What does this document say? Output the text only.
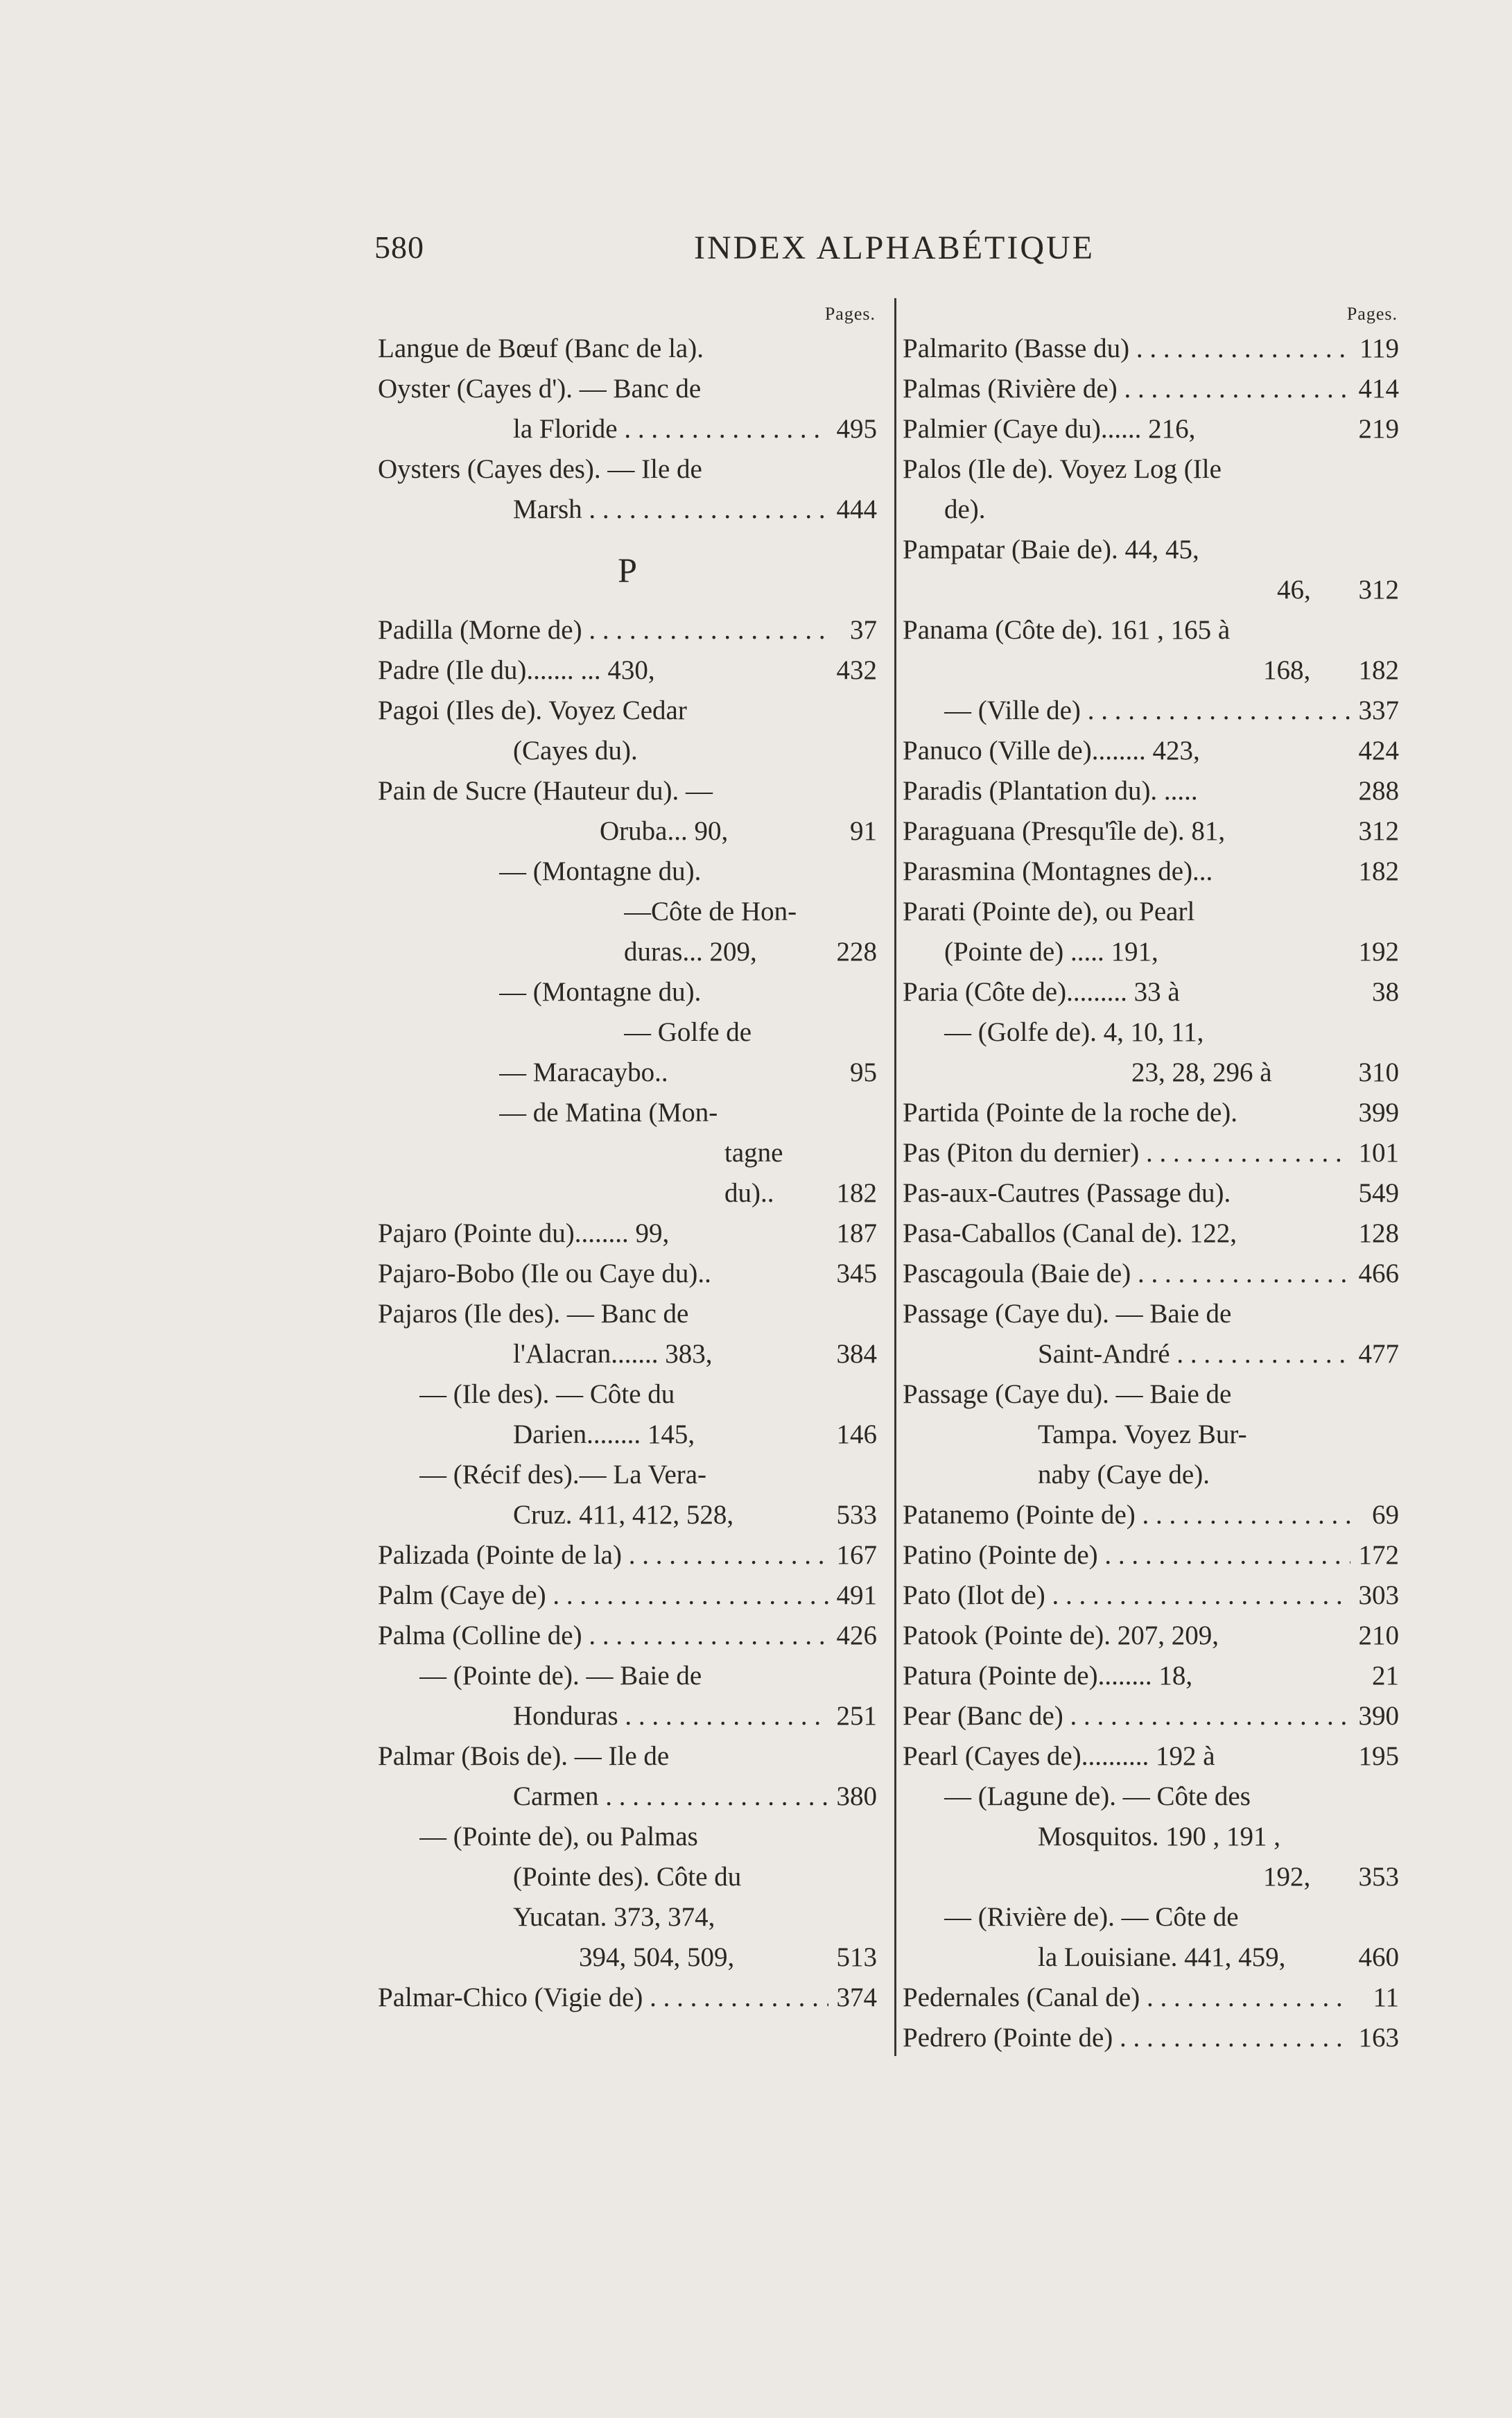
580	INDEX ALPHABÉTIQUE
Pages.
Langue de Bœuf (Banc de la).
Oyster (Cayes d'). — Banc de
la Floride . . .	495
Oysters (Cayes des). — Ile de
Marsh . . .	444
P
Padilla (Morne de) . . .	37
Padre (Ile du)....... ... 430,	432
Pagoi (Iles de). Voyez Cedar
(Cayes du).
Pain de Sucre (Hauteur du). —
Oruba... 90,	91
— (Montagne du).
—Côte de Hon-
duras... 209,	228
— (Montagne du).
— Golfe de
— Maracaybo..	95
— de Matina (Mon-
tagne
du)..	182
Pajaro (Pointe du)........ 99,	187
Pajaro-Bobo (Ile ou Caye du)..	345
Pajaros (Ile des). — Banc de
l'Alacran....... 383,	384
— (Ile des). — Côte du
Darien........ 145,	146
— (Récif des).— La Vera-
Cruz. 411, 412, 528,	533
Palizada (Pointe de la) . . .	167
Palm (Caye de) . . .	491
Palma (Colline de) . . .	426
— (Pointe de). — Baie de
Honduras . . .	251
Palmar (Bois de). — Ile de
Carmen . . .	380
— (Pointe de), ou Palmas
(Pointe des). Côte du
Yucatan. 373, 374,
394, 504, 509,	513
Palmar-Chico (Vigie de) . . .	374
Pages.
Palmarito (Basse du) . . .	119
Palmas (Rivière de) . . .	414
Palmier (Caye du)...... 216,	219
Palos (Ile de). Voyez Log (Ile
de).
Pampatar (Baie de). 44, 45,
46,	312
Panama (Côte de). 161 , 165 à
168,	182
— (Ville de) . . .	337
Panuco (Ville de)........ 423,	424
Paradis (Plantation du). .....	288
Paraguana (Presqu'île de). 81,	312
Parasmina (Montagnes de)...	182
Parati (Pointe de), ou Pearl
(Pointe de) ..... 191,	192
Paria (Côte de)......... 33 à	38
— (Golfe de). 4, 10, 11,
23, 28, 296 à	310
Partida (Pointe de la roche de).	399
Pas (Piton du dernier) . . .	101
Pas-aux-Cautres (Passage du).	549
Pasa-Caballos (Canal de). 122,	128
Pascagoula (Baie de) . . .	466
Passage (Caye du). — Baie de
Saint-André . . .	477
Passage (Caye du). — Baie de
Tampa. Voyez Bur-
naby (Caye de).
Patanemo (Pointe de) . . .	69
Patino (Pointe de) . . .	172
Pato (Ilot de) . . .	303
Patook (Pointe de). 207, 209,	210
Patura (Pointe de)........ 18,	21
Pear (Banc de) . . .	390
Pearl (Cayes de).......... 192 à	195
— (Lagune de). — Côte des
Mosquitos. 190 , 191 ,
192,	353
— (Rivière de). — Côte de
la Louisiane. 441, 459,	460
Pedernales (Canal de) . . .	11
Pedrero (Pointe de) . . .	163
